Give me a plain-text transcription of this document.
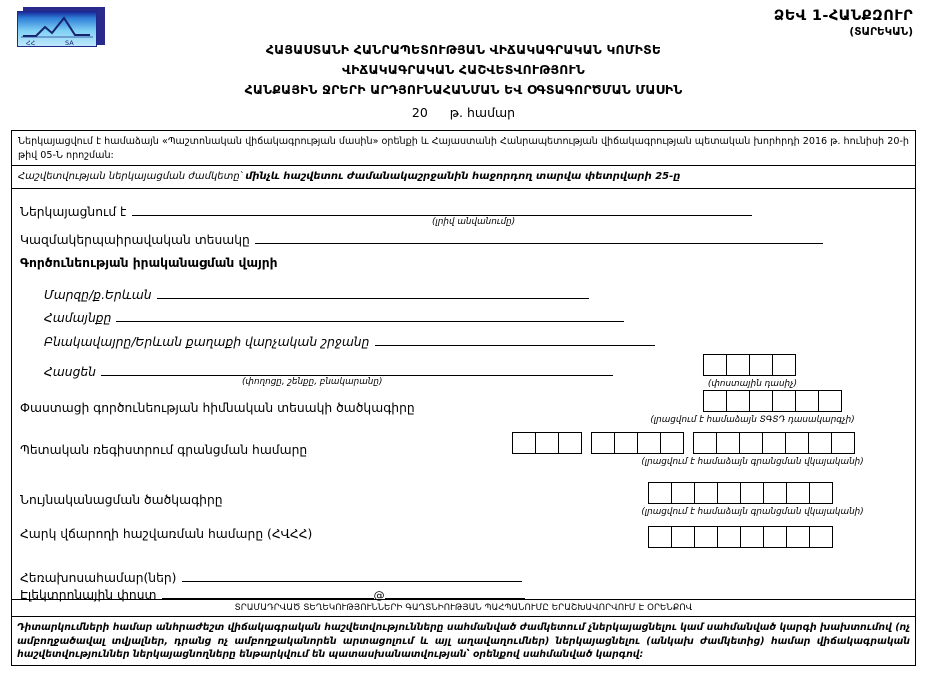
ՀՀ	SA
ՁԵՎ 1-ՀԱՆՔԶՈՒՐ
(ՏԱՐԵԿԱՆ)
ՀԱՅԱՍՏԱՆԻ ՀԱՆՐԱՊԵՏՈՒԹՅԱՆ ՎԻՃԱԿԱԳՐԱԿԱՆ ԿՈՄԻՏԵ
ՎԻՃԱԿԱԳՐԱԿԱՆ ՀԱՇՎԵՏՎՈՒԹՅՈՒՆ
ՀԱՆՔԱՅԻՆ ՋՐԵՐԻ ԱՐԴՅՈՒՆԱՀԱՆՄԱՆ ԵՎ ՕԳՏԱԳՈՐԾՄԱՆ ՄԱՍԻՆ
20 թ. համար
Ներկայացվում է համաձայն «Պաշտոնական վիճակագրության մասին» օրենքի և Հայաստանի Հանրապետության վիճակագրության պետական խորհրդի 2016 թ. հունիսի 20-ի թիվ 05-Ն որոշման:
Հաշվետվության ներկայացման ժամկետը՝ մինչև հաշվետու ժամանակաշրջանին հաջորդող տարվա փետրվարի 25-ը
Ներկայացնում է
(լրիվ անվանումը)
Կազմակերպաիրավական տեսակը
Գործունեության իրականացման վայրի
Մարզը/ք.Երևան
Համայնքը
Բնակավայրը/Երևան քաղաքի վարչական շրջանը
Հասցեն
(փողոցը, շենքը, բնակարանը)	(փոստային դասիչ)
Փաստացի գործունեության հիմնական տեսակի ծածկագիրը
(լրացվում է համաձայն ՏԳՏԴ դասակարգչի)
Պետական ռեգիստրում գրանցման համարը
(լրացվում է համաձայն գրանցման վկայականի)
Նույնականացման ծածկագիրը
(լրացվում է համաձայն գրանցման վկայականի)
Հարկ վճարողի հաշվառման համարը (ՀՎՀՀ)
Հեռախոսահամար(ներ)
Էլեկտրոնային փոստ	@
ՏՐԱՄԱԴՐՎԱԾ ՏԵՂԵԿՈՒԹՅՈՒՆՆԵՐԻ ԳԱՂՏՆԻՈՒԹՅԱՆ ՊԱՀՊԱՆՈՒՄԸ ԵՐԱՇԽԱՎՈՐՎՈՒՄ Է ՕՐԵՆՔՈՎ
Դիտարկումների համար անհրաժեշտ վիճակագրական հաշվետվությունները սահմանված ժամկետում չներկայացնելու կամ սահմանված կարգի խախտումով (ոչ ամբողջածավալ տվյալներ, դրանց ոչ ամբողջականորեն արտացոլում և այլ աղավաղումներ) ներկայացնելու (անկախ ժամկետից) համար վիճակագրական հաշվետվություններ ներկայացնողները ենթարկվում են պատասխանատվության՝ օրենքով սահմանված կարգով:
